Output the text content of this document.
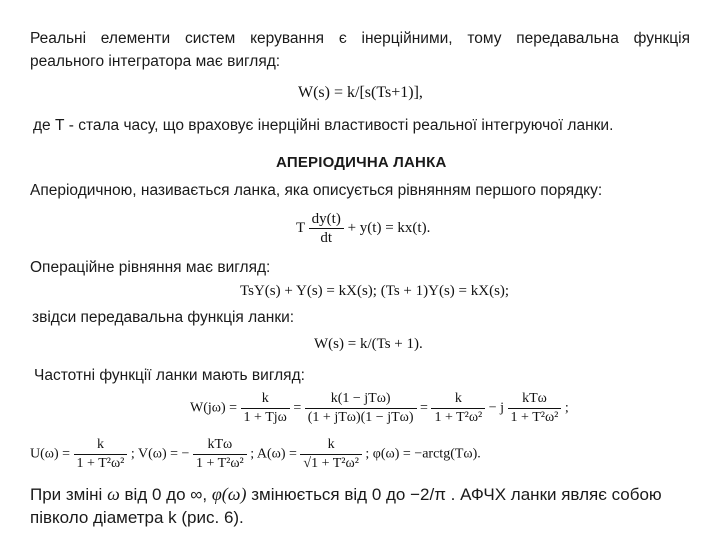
Реальні елементи систем керування є інерційними, тому передавальна функція

реального інтегратора має вигляд:

W(s) = k/[s(Ts+1)],

де Т - стала часу, що враховує інерційні властивості реальної інтегруючої ланки.

АПЕРІОДИЧНА ЛАНКА

Аперіодичною, називається ланка, яка описується рівнянням першого порядку:

T $\frac{dy(t)}{dt} + y(t) = kx(t)$.

Операційне рівняння має вигляд:

TsY(s) + Y(s) = kX(s); (Ts + 1)Y(s) = kX(s);

звідси передавальна функція ланки:

W(s) = k/(Ts + 1).

Частотні функції ланки мають вигляд:

$W(j\omega) = \frac{k}{\text{1 + Tjω}} = \frac{\text{k(1 − jTω)}}{\text{(1 + jTω)(1 − jTω)}} = \frac{k}{\text{1 + T²ω²}} - j \frac{\text{kTω}}{\text{1 + T²ω²}}$ ;
$U(\omega) = \frac{k}{\text{1 + T²ω²}}$ ; V(ω) = − $\frac{\text{kTω}}{\text{1 + T²ω²}}$ ; $A(\omega) = \frac{k}{\text{√1 + T²ω²}}$ ; φ(ω) = −arctg(Tω).
При зміні ω від 0 до ∞, φ(ω) змінюється від 0 до −2/π . АФЧХ ланки являє собою
півколо діаметра k (рис. 6).
